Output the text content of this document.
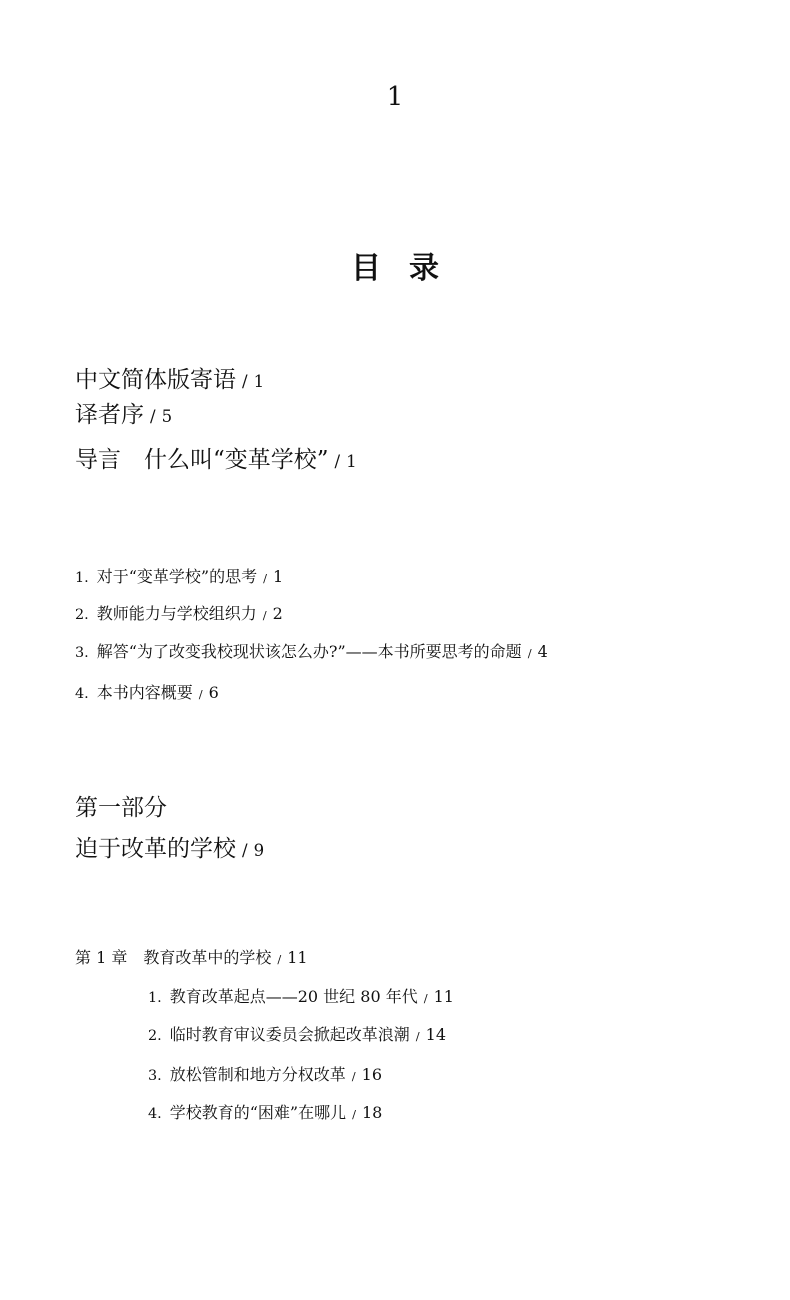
1
目录
中文简体版寄语 / 1
译者序 / 5
导言　什么叫“变革学校” / 1
1. 对于“变革学校”的思考 / 1
2. 教师能力与学校组织力 / 2
3. 解答“为了改变我校现状该怎么办?”——本书所要思考的命题 / 4
4. 本书内容概要 / 6
第一部分
迫于改革的学校 / 9
第 1 章　教育改革中的学校 / 11
1. 教育改革起点——20 世纪 80 年代 / 11
2. 临时教育审议委员会掀起改革浪潮 / 14
3. 放松管制和地方分权改革 / 16
4. 学校教育的“困难”在哪儿 / 18
